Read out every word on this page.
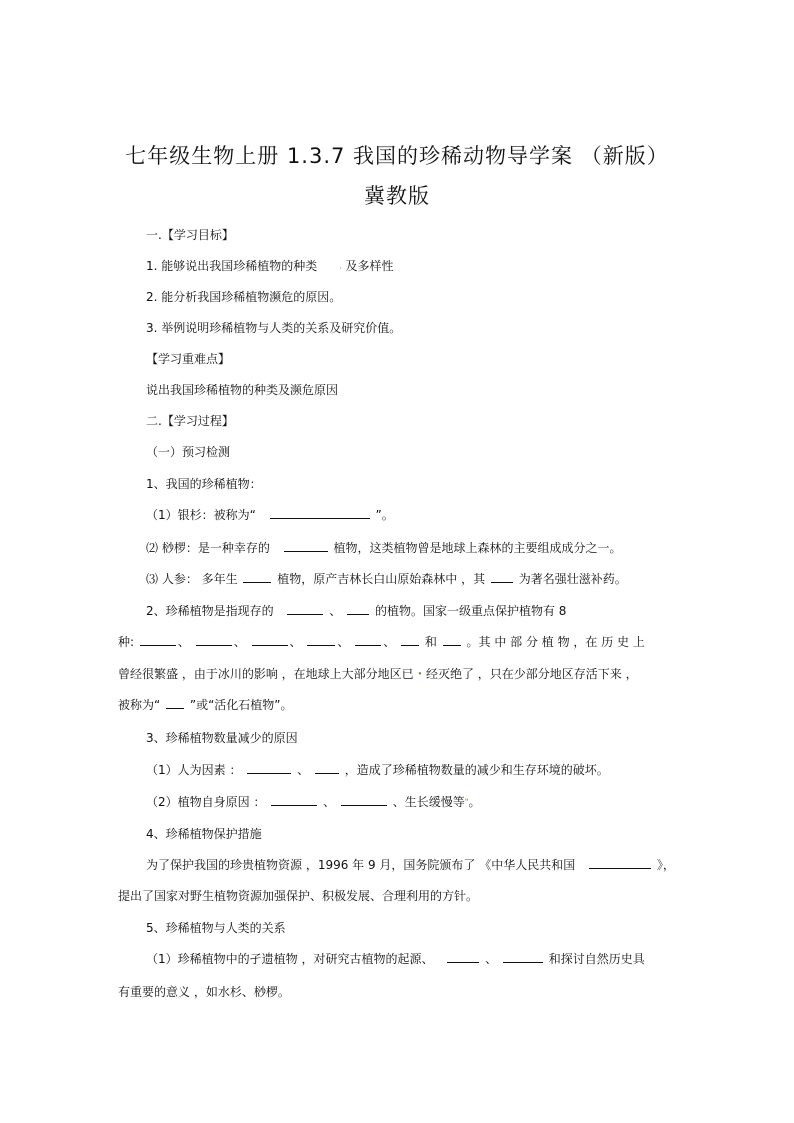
七年级生物上册 1.3.7 我国的珍稀动物导学案 （新版）
冀教版
一.【学习目标】
1. 能够说出我国珍稀植物的种类	. 及多样性
2. 能分析我国珍稀植物濒危的原因。
3. 举例说明珍稀植物与人类的关系及研究价值。
【学习重难点】
说出我国珍稀植物的种类及濒危原因
二.【学习过程】
（一）预习检测
1、我国的珍稀植物：
（1）银杉：被称为“	”。
⑵ 桫椤：是一种幸存的	植物，这类植物曾是地球上森林的主要组成成分之一。
⑶ 人参： 多年生	植物，原产吉林长白山原始森林中 ，其	为著名强壮滋补药。
2、珍稀植物是指现存的	、	的植物。国家一级重点保护植物有 8
种:	、	、	、	、	、  和 。其 中 部 分 植 物 ，在 历 史 上
曾经很繁盛 ，由于冰川的影响 ，在地球上大部分地区已 • 经灭绝了 ，只在少部分地区存活下来 ，
被称为“ ”或“活化石植物”。
3、珍稀植物数量减少的原因
（1）人为因素 ：	、	，造成了珍稀植物数量的减少和生存环境的破坏。
（2）植物自身原因 ：	、	、生长缓慢等"。
4、珍稀植物保护措施
为了保护我国的珍贵植物资源 ，1996 年 9 月，国务院颁布了 《中华人民共和国	》，
提出了国家对野生植物资源加强保护、积极发展、合理利用的方针。
5、珍稀植物与人类的关系
（1）珍稀植物中的孑遗植物 ，对研究古植物的起源、	、	和探讨自然历史具
有重要的意义 ，如水杉、桫椤。
